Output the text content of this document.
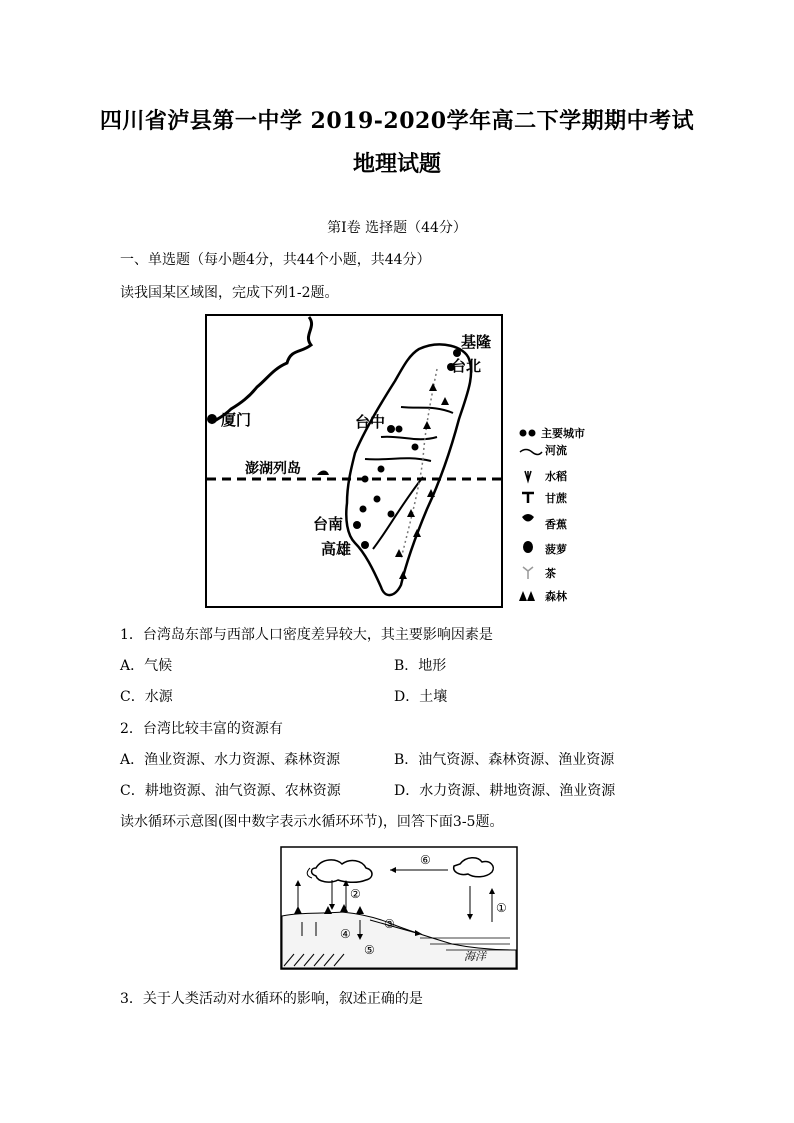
四川省泸县第一中学 2019-2020学年高二下学期期中考试
地理试题
第I卷 选择题（44分）
一、单选题（每小题4分，共44个小题，共44分）
读我国某区域图，完成下列1-2题。
基隆
台北
厦门	台中
澎湖列岛
台南
高雄
主要城市
河流
水稻
甘蔗
香蕉
菠萝
茶
森林
1．台湾岛东部与西部人口密度差异较大，其主要影响因素是
A．气候	B．地形
C．水源	D．土壤
2．台湾比较丰富的资源有
A．渔业资源、水力资源、森林资源	B．油气资源、森林资源、渔业资源
C．耕地资源、油气资源、农林资源	D．水力资源、耕地资源、渔业资源
读水循环示意图(图中数字表示水循环环节)，回答下面3-5题。
⑥
②
①
③
④
⑤	海洋
3．关于人类活动对水循环的影响，叙述正确的是
